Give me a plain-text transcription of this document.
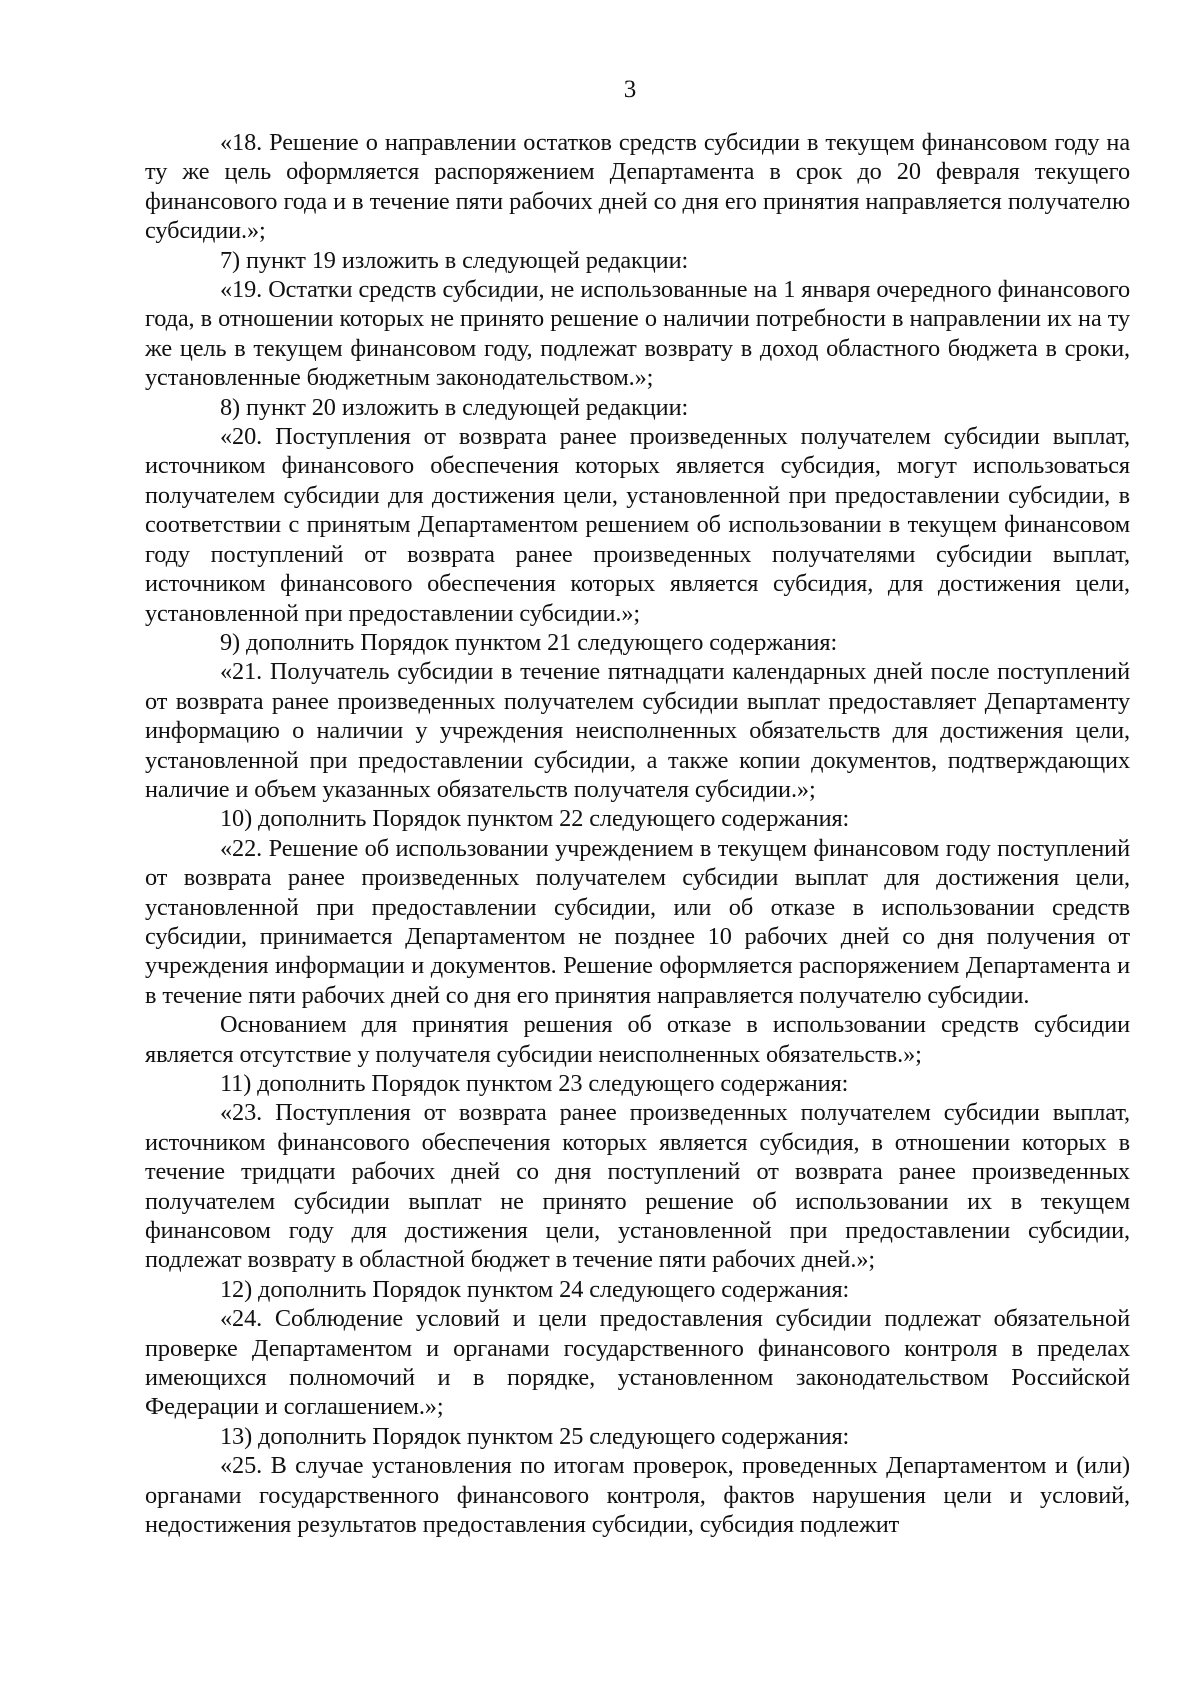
3

«18. Решение о направлении остатков средств субсидии в текущем финансовом году на ту же цель оформляется распоряжением Департамента в срок до 20 февраля текущего финансового года и в течение пяти рабочих дней со дня его принятия направляется получателю субсидии.»;

7) пункт 19 изложить в следующей редакции:

«19. Остатки средств субсидии, не использованные на 1 января очередного финансового года, в отношении которых не принято решение о наличии потребности в направлении их на ту же цель в текущем финансовом году, подлежат возврату в доход областного бюджета в сроки, установленные бюджетным законодательством.»;

8) пункт 20 изложить в следующей редакции:

«20. Поступления от возврата ранее произведенных получателем субсидии выплат, источником финансового обеспечения которых является субсидия, могут использоваться получателем субсидии для достижения цели, установленной при предоставлении субсидии, в соответствии с принятым Департаментом решением об использовании в текущем финансовом году поступлений от возврата ранее произведенных получателями субсидии выплат, источником финансового обеспечения которых является субсидия, для достижения цели, установленной при предоставлении субсидии.»;

9) дополнить Порядок пунктом 21 следующего содержания:

«21. Получатель субсидии в течение пятнадцати календарных дней после поступлений от возврата ранее произведенных получателем субсидии выплат предоставляет Департаменту информацию о наличии у учреждения неисполненных обязательств для достижения цели, установленной при предоставлении субсидии, а также копии документов, подтверждающих наличие и объем указанных обязательств получателя субсидии.»;

10) дополнить Порядок пунктом 22 следующего содержания:

«22. Решение об использовании учреждением в текущем финансовом году поступлений от возврата ранее произведенных получателем субсидии выплат для достижения цели, установленной при предоставлении субсидии, или об отказе в использовании средств субсидии, принимается Департаментом не позднее 10 рабочих дней со дня получения от учреждения информации и документов. Решение оформляется распоряжением Департамента и в течение пяти рабочих дней со дня его принятия направляется получателю субсидии.

Основанием для принятия решения об отказе в использовании средств субсидии является отсутствие у получателя субсидии неисполненных обязательств.»;

11) дополнить Порядок пунктом 23 следующего содержания:

«23. Поступления от возврата ранее произведенных получателем субсидии выплат, источником финансового обеспечения которых является субсидия, в отношении которых в течение тридцати рабочих дней со дня поступлений от возврата ранее произведенных получателем субсидии выплат не принято решение об использовании их в текущем финансовом году для достижения цели, установленной при предоставлении субсидии, подлежат возврату в областной бюджет в течение пяти рабочих дней.»;

12) дополнить Порядок пунктом 24 следующего содержания:

«24. Соблюдение условий и цели предоставления субсидии подлежат обязательной проверке Департаментом и органами государственного финансового контроля в пределах имеющихся полномочий и в порядке, установленном законодательством Российской Федерации и соглашением.»;

13) дополнить Порядок пунктом 25 следующего содержания:

«25. В случае установления по итогам проверок, проведенных Департаментом и (или) органами государственного финансового контроля, фактов нарушения цели и условий, недостижения результатов предоставления субсидии, субсидия подлежит
